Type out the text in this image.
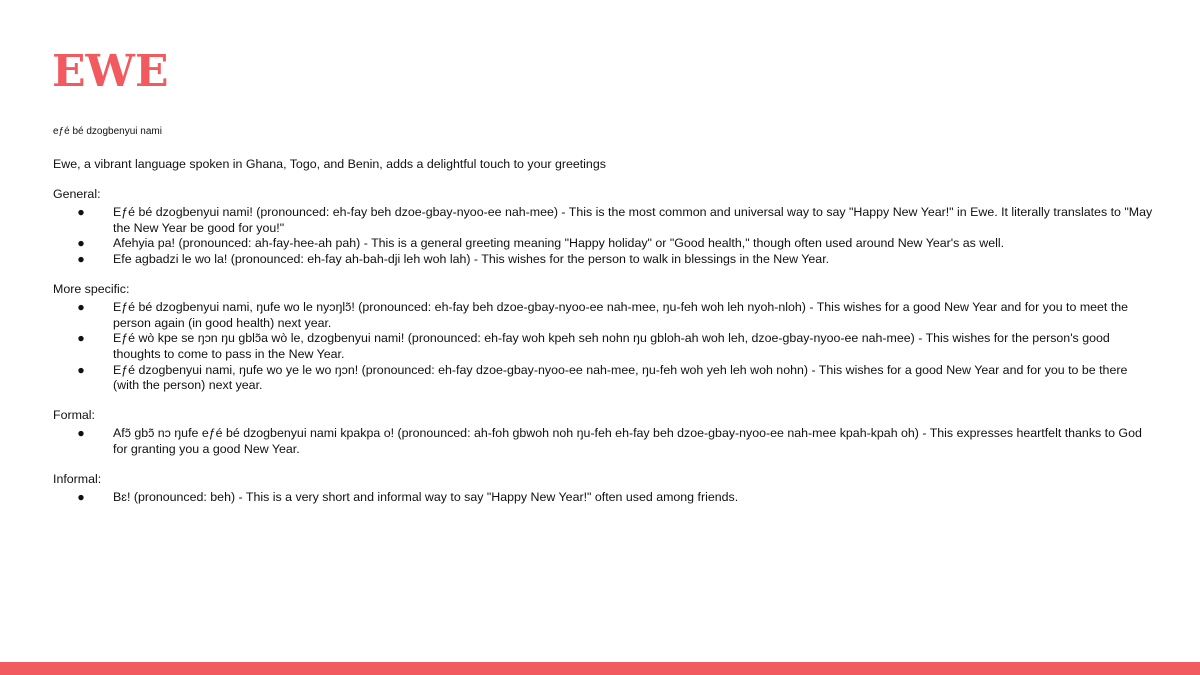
EWE
eƒé bé dzogbenyui nami

Ewe, a vibrant language spoken in Ghana, Togo, and Benin, adds a delightful touch to your greetings

General:

● Eƒé bé dzogbenyui nami! (pronounced: eh-fay beh dzoe-gbay-nyoo-ee nah-mee) - This is the most common and universal way to say "Happy New Year!" in Ewe. It literally translates to "May the New Year be good for you!"
● Afehyia pa! (pronounced: ah-fay-hee-ah pah) - This is a general greeting meaning "Happy holiday" or "Good health," though often used around New Year's as well.
● Efe agbadzi le wo la! (pronounced: eh-fay ah-bah-dji leh woh lah) - This wishes for the person to walk in blessings in the New Year.

More specific:

● Eƒé bé dzogbenyui nami, ŋufe wo le nyɔŋlɔ̃! (pronounced: eh-fay beh dzoe-gbay-nyoo-ee nah-mee, ŋu-feh woh leh nyoh-nloh) - This wishes for a good New Year and for you to meet the person again (in good health) next year.
● Eƒé wò kpe se ŋɔn ŋu gblɔ̃a wò le, dzogbenyui nami! (pronounced: eh-fay woh kpeh seh nohn ŋu gbloh-ah woh leh, dzoe-gbay-nyoo-ee nah-mee) - This wishes for the person's good thoughts to come to pass in the New Year.
● Eƒé dzogbenyui nami, ŋufe wo ye le wo ŋɔn! (pronounced: eh-fay dzoe-gbay-nyoo-ee nah-mee, ŋu-feh woh yeh leh woh nohn) - This wishes for a good New Year and for you to be there (with the person) next year.

Formal:

● Afɔ̃ gbɔ̃ nɔ ŋufe eƒé bé dzogbenyui nami kpakpa o! (pronounced: ah-foh gbwoh noh ŋu-feh eh-fay beh dzoe-gbay-nyoo-ee nah-mee kpah-kpah oh) - This expresses heartfelt thanks to God for granting you a good New Year.

Informal:

● Bɛ! (pronounced: beh) - This is a very short and informal way to say "Happy New Year!" often used among friends.
